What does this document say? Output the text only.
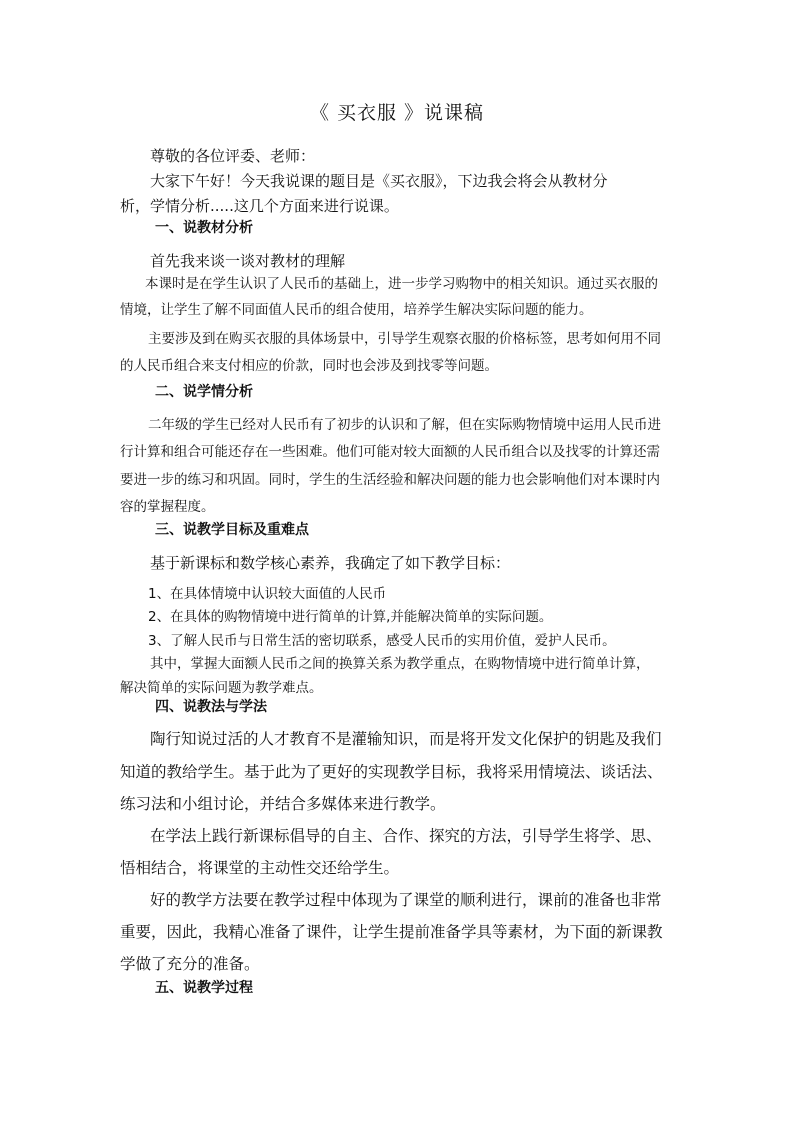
《 买衣服 》说课稿
尊敬的各位评委、老师：
大家下午好！今天我说课的题目是《买衣服》，下边我会将会从教材分
析，学情分析.....这几个方面来进行说课。
一、说教材分析
首先我来谈一谈对教材的理解
本课时是在学生认识了人民币的基础上，进一步学习购物中的相关知识。通过买衣服的
情境，让学生了解不同面值人民币的组合使用，培养学生解决实际问题的能力。
主要涉及到在购买衣服的具体场景中，引导学生观察衣服的价格标签，思考如何用不同
的人民币组合来支付相应的价款，同时也会涉及到找零等问题。
二、说学情分析
二年级的学生已经对人民币有了初步的认识和了解，但在实际购物情境中运用人民币进
行计算和组合可能还存在一些困难。他们可能对较大面额的人民币组合以及找零的计算还需
要进一步的练习和巩固。同时，学生的生活经验和解决问题的能力也会影响他们对本课时内
容的掌握程度。
三、说教学目标及重难点
基于新课标和数学核心素养，我确定了如下教学目标：
1、在具体情境中认识较大面值的人民币
2、在具体的购物情境中进行简单的计算,并能解决简单的实际问题。
3、了解人民币与日常生活的密切联系，感受人民币的实用价值，爱护人民币。
其中，掌握大面额人民币之间的换算关系为教学重点，在购物情境中进行简单计算，
解决简单的实际问题为教学难点。
四、说教法与学法
陶行知说过活的人才教育不是灌输知识，而是将开发文化保护的钥匙及我们
知道的教给学生。基于此为了更好的实现教学目标，我将采用情境法、谈话法、
练习法和小组讨论，并结合多媒体来进行教学。
在学法上践行新课标倡导的自主、合作、探究的方法，引导学生将学、思、
悟相结合，将课堂的主动性交还给学生。
好的教学方法要在教学过程中体现为了课堂的顺利进行，课前的准备也非常
重要，因此，我精心准备了课件，让学生提前准备学具等素材，为下面的新课教
学做了充分的准备。
五、说教学过程
